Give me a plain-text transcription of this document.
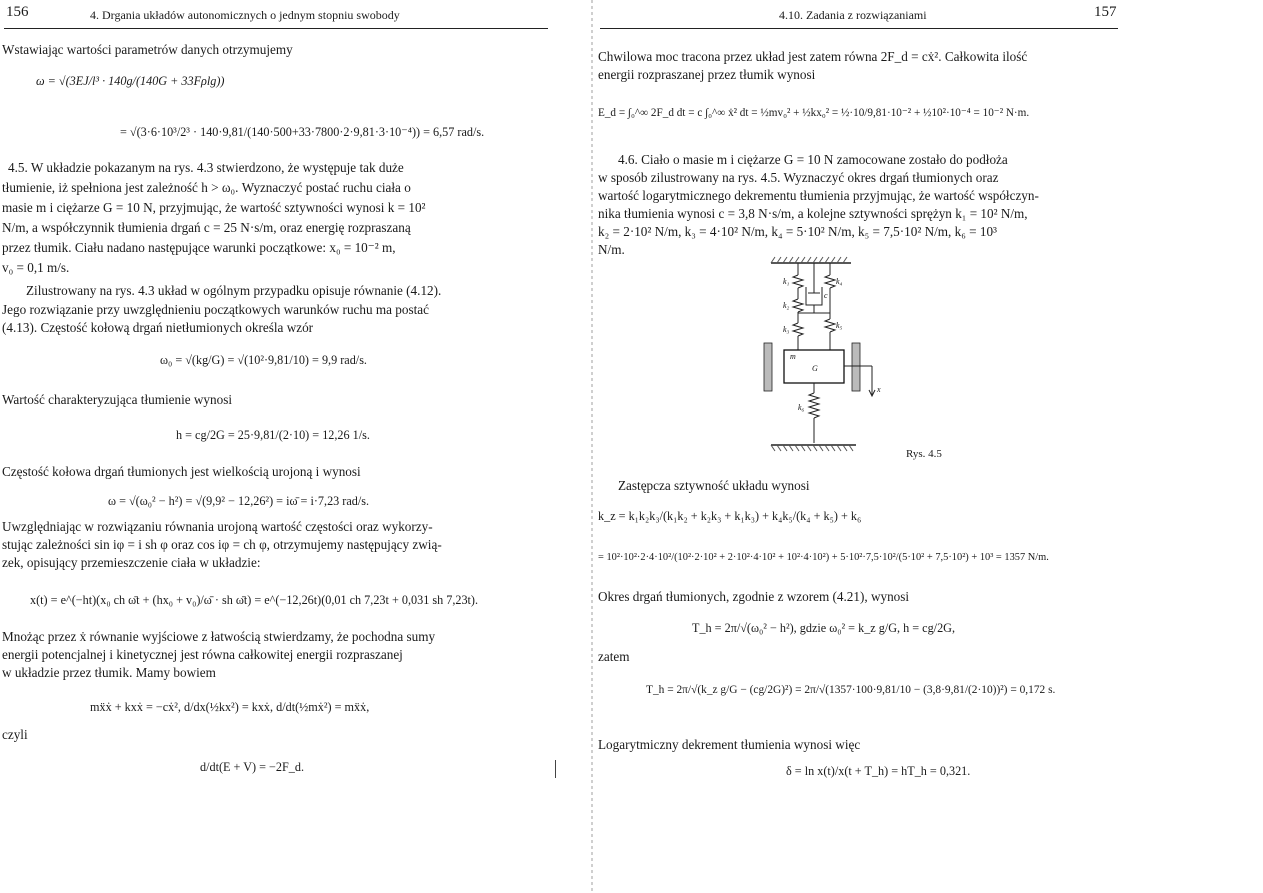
156	4. Drgania układów autonomicznych o jednym stopniu swobody
Wstawiając wartości parametrów danych otrzymujemy
ω = √(3EJ/l³ · 140g/(140G + 33Fρlg))
= √(3·6·10³/2³ · 140·9,81/(140·500+33·7800·2·9,81·3·10⁻⁴)) = 6,57 rad/s.
4.5. W układzie pokazanym na rys. 4.3 stwierdzono, że występuje tak duże
tłumienie, iż spełniona jest zależność h > ω₀. Wyznaczyć postać ruchu ciała o
masie m i ciężarze G = 10 N, przyjmując, że wartość sztywności wynosi k = 10²
N/m, a współczynnik tłumienia drgań c = 25 N·s/m, oraz energię rozpraszaną
przez tłumik. Ciału nadano następujące warunki początkowe: x₀ = 10⁻² m,
v₀ = 0,1 m/s.
Zilustrowany na rys. 4.3 układ w ogólnym przypadku opisuje równanie (4.12).
Jego rozwiązanie przy uwzględnieniu początkowych warunków ruchu ma postać
(4.13). Częstość kołową drgań nietłumionych określa wzór
ω₀ = √(kg/G) = √(10²·9,81/10) = 9,9 rad/s.
Wartość charakteryzująca tłumienie wynosi
h = cg/2G = 25·9,81/(2·10) = 12,26 1/s.
Częstość kołowa drgań tłumionych jest wielkością urojoną i wynosi
ω = √(ω₀² − h²) = √(9,9² − 12,26²) = iω̄ = i·7,23 rad/s.
Uwzględniając w rozwiązaniu równania urojoną wartość częstości oraz wykorzy-
stując zależności sin iφ = i sh φ oraz cos iφ = ch φ, otrzymujemy następujący zwią-
zek, opisujący przemieszczenie ciała w układzie:
x(t) = e^(−ht)(x₀ ch ω̄t + (hx₀ + v₀)/ω̄ · sh ω̄t) = e^(−12,26t)(0,01 ch 7,23t + 0,031 sh 7,23t).
Mnożąc przez ẋ równanie wyjściowe z łatwością stwierdzamy, że pochodna sumy
energii potencjalnej i kinetycznej jest równa całkowitej energii rozpraszanej
w układzie przez tłumik. Mamy bowiem
mẍẋ + kxẋ = −cẋ², d/dx(½kx²) = kxẋ, d/dt(½mẋ²) = mẍẋ,
czyli
d/dt(E + V) = −2F_d.
4.10. Zadania z rozwiązaniami	157
Chwilowa moc tracona przez układ jest zatem równa 2F_d = cẋ². Całkowita ilość
energii rozpraszanej przez tłumik wynosi
E_d = ∫₀^∞ 2F_d dt = c ∫₀^∞ ẋ² dt = ½mv₀² + ½kx₀² = ½·10/9,81·10⁻² + ½10²·10⁻⁴ = 10⁻² N·m.
4.6. Ciało o masie m i ciężarze G = 10 N zamocowane zostało do podłoża
w sposób zilustrowany na rys. 4.5. Wyznaczyć okres drgań tłumionych oraz
wartość logarytmicznego dekrementu tłumienia przyjmując, że wartość współczyn-
nika tłumienia wynosi c = 3,8 N·s/m, a kolejne sztywności sprężyn k₁ = 10² N/m,
k₂ = 2·10² N/m, k₃ = 4·10² N/m, k₄ = 5·10² N/m, k₅ = 7,5·10² N/m, k₆ = 10³
N/m.
k₁
k₂
k₃
k₄
k₅
k₆
c
m
G
x
Rys. 4.5
Zastępcza sztywność układu wynosi
k_z = k₁k₂k₃/(k₁k₂ + k₂k₃ + k₁k₃) + k₄k₅/(k₄ + k₅) + k₆
= 10²·10²·2·4·10²/(10²·2·10² + 2·10²·4·10² + 10²·4·10²) + 5·10²·7,5·10²/(5·10² + 7,5·10²) + 10³ = 1357 N/m.
Okres drgań tłumionych, zgodnie z wzorem (4.21), wynosi
T_h = 2π/√(ω₀² − h²), gdzie ω₀² = k_z g/G, h = cg/2G,
zatem
T_h = 2π/√(k_z g/G − (cg/2G)²) = 2π/√(1357·100·9,81/10 − (3,8·9,81/(2·10))²) = 0,172 s.
Logarytmiczny dekrement tłumienia wynosi więc
δ = ln x(t)/x(t + T_h) = hT_h = 0,321.
